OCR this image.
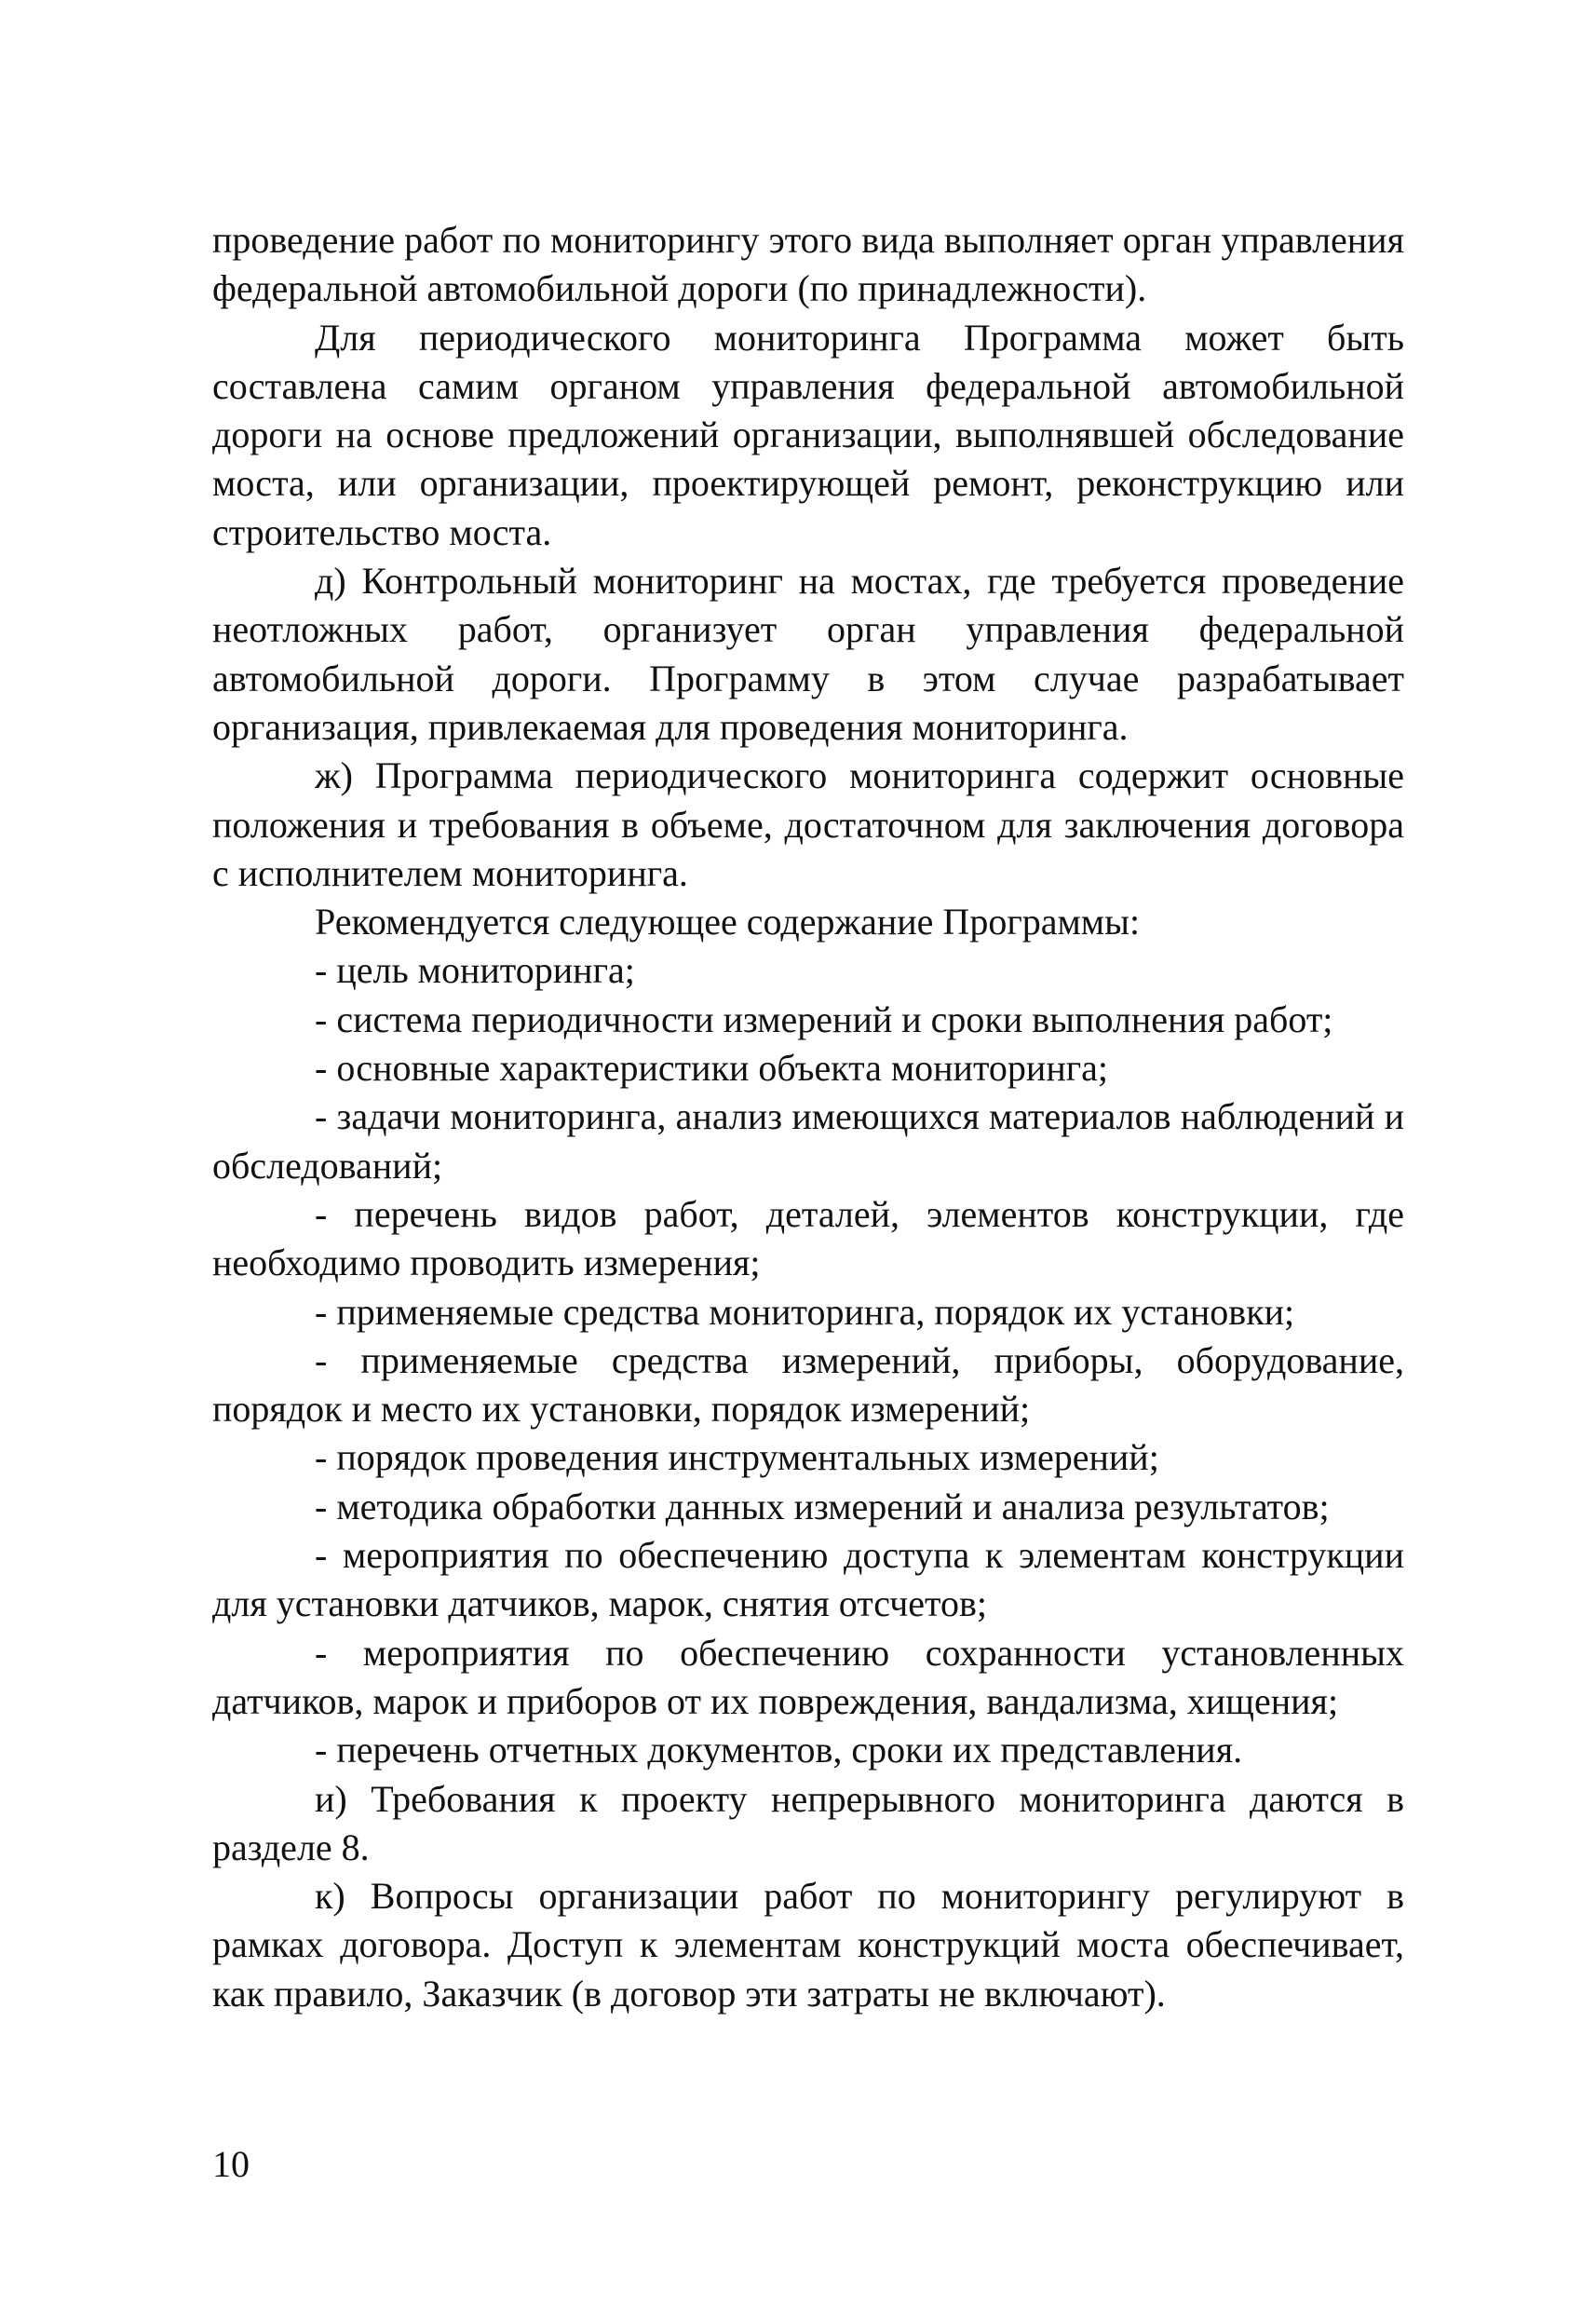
проведение работ по мониторингу этого вида выполняет орган управления федеральной автомобильной дороги (по принадлежности).

Для периодического мониторинга Программа может быть составлена самим органом управления федеральной автомобильной дороги на основе предложений организации, выполнявшей обследование моста, или организации, проектирующей ремонт, реконструкцию или строительство моста.

д) Контрольный мониторинг на мостах, где требуется проведение неотложных работ, организует орган управления федеральной автомобильной дороги. Программу в этом случае разрабатывает организация, привлекаемая для проведения мониторинга.

ж) Программа периодического мониторинга содержит основные положения и требования в объеме, достаточном для заключения договора с исполнителем мониторинга.

Рекомендуется следующее содержание Программы:

- цель мониторинга;

- система периодичности измерений и сроки выполнения работ;

- основные характеристики объекта мониторинга;

- задачи мониторинга, анализ имеющихся материалов наблюдений и обследований;

- перечень видов работ, деталей, элементов конструкции, где необходимо проводить измерения;

- применяемые средства мониторинга, порядок их установки;

- применяемые средства измерений, приборы, оборудование, порядок и место их установки, порядок измерений;

- порядок проведения инструментальных измерений;

- методика обработки данных измерений и анализа результатов;

- мероприятия по обеспечению доступа к элементам конструкции для установки датчиков, марок, снятия отсчетов;

- мероприятия по обеспечению сохранности установленных датчиков, марок и приборов от их повреждения, вандализма, хищения;

- перечень отчетных документов, сроки их представления.

и) Требования к проекту непрерывного мониторинга даются в разделе 8.

к) Вопросы организации работ по мониторингу регулируют в рамках договора. Доступ к элементам конструкций моста обеспечивает, как правило, Заказчик (в договор эти затраты не включают).

10
